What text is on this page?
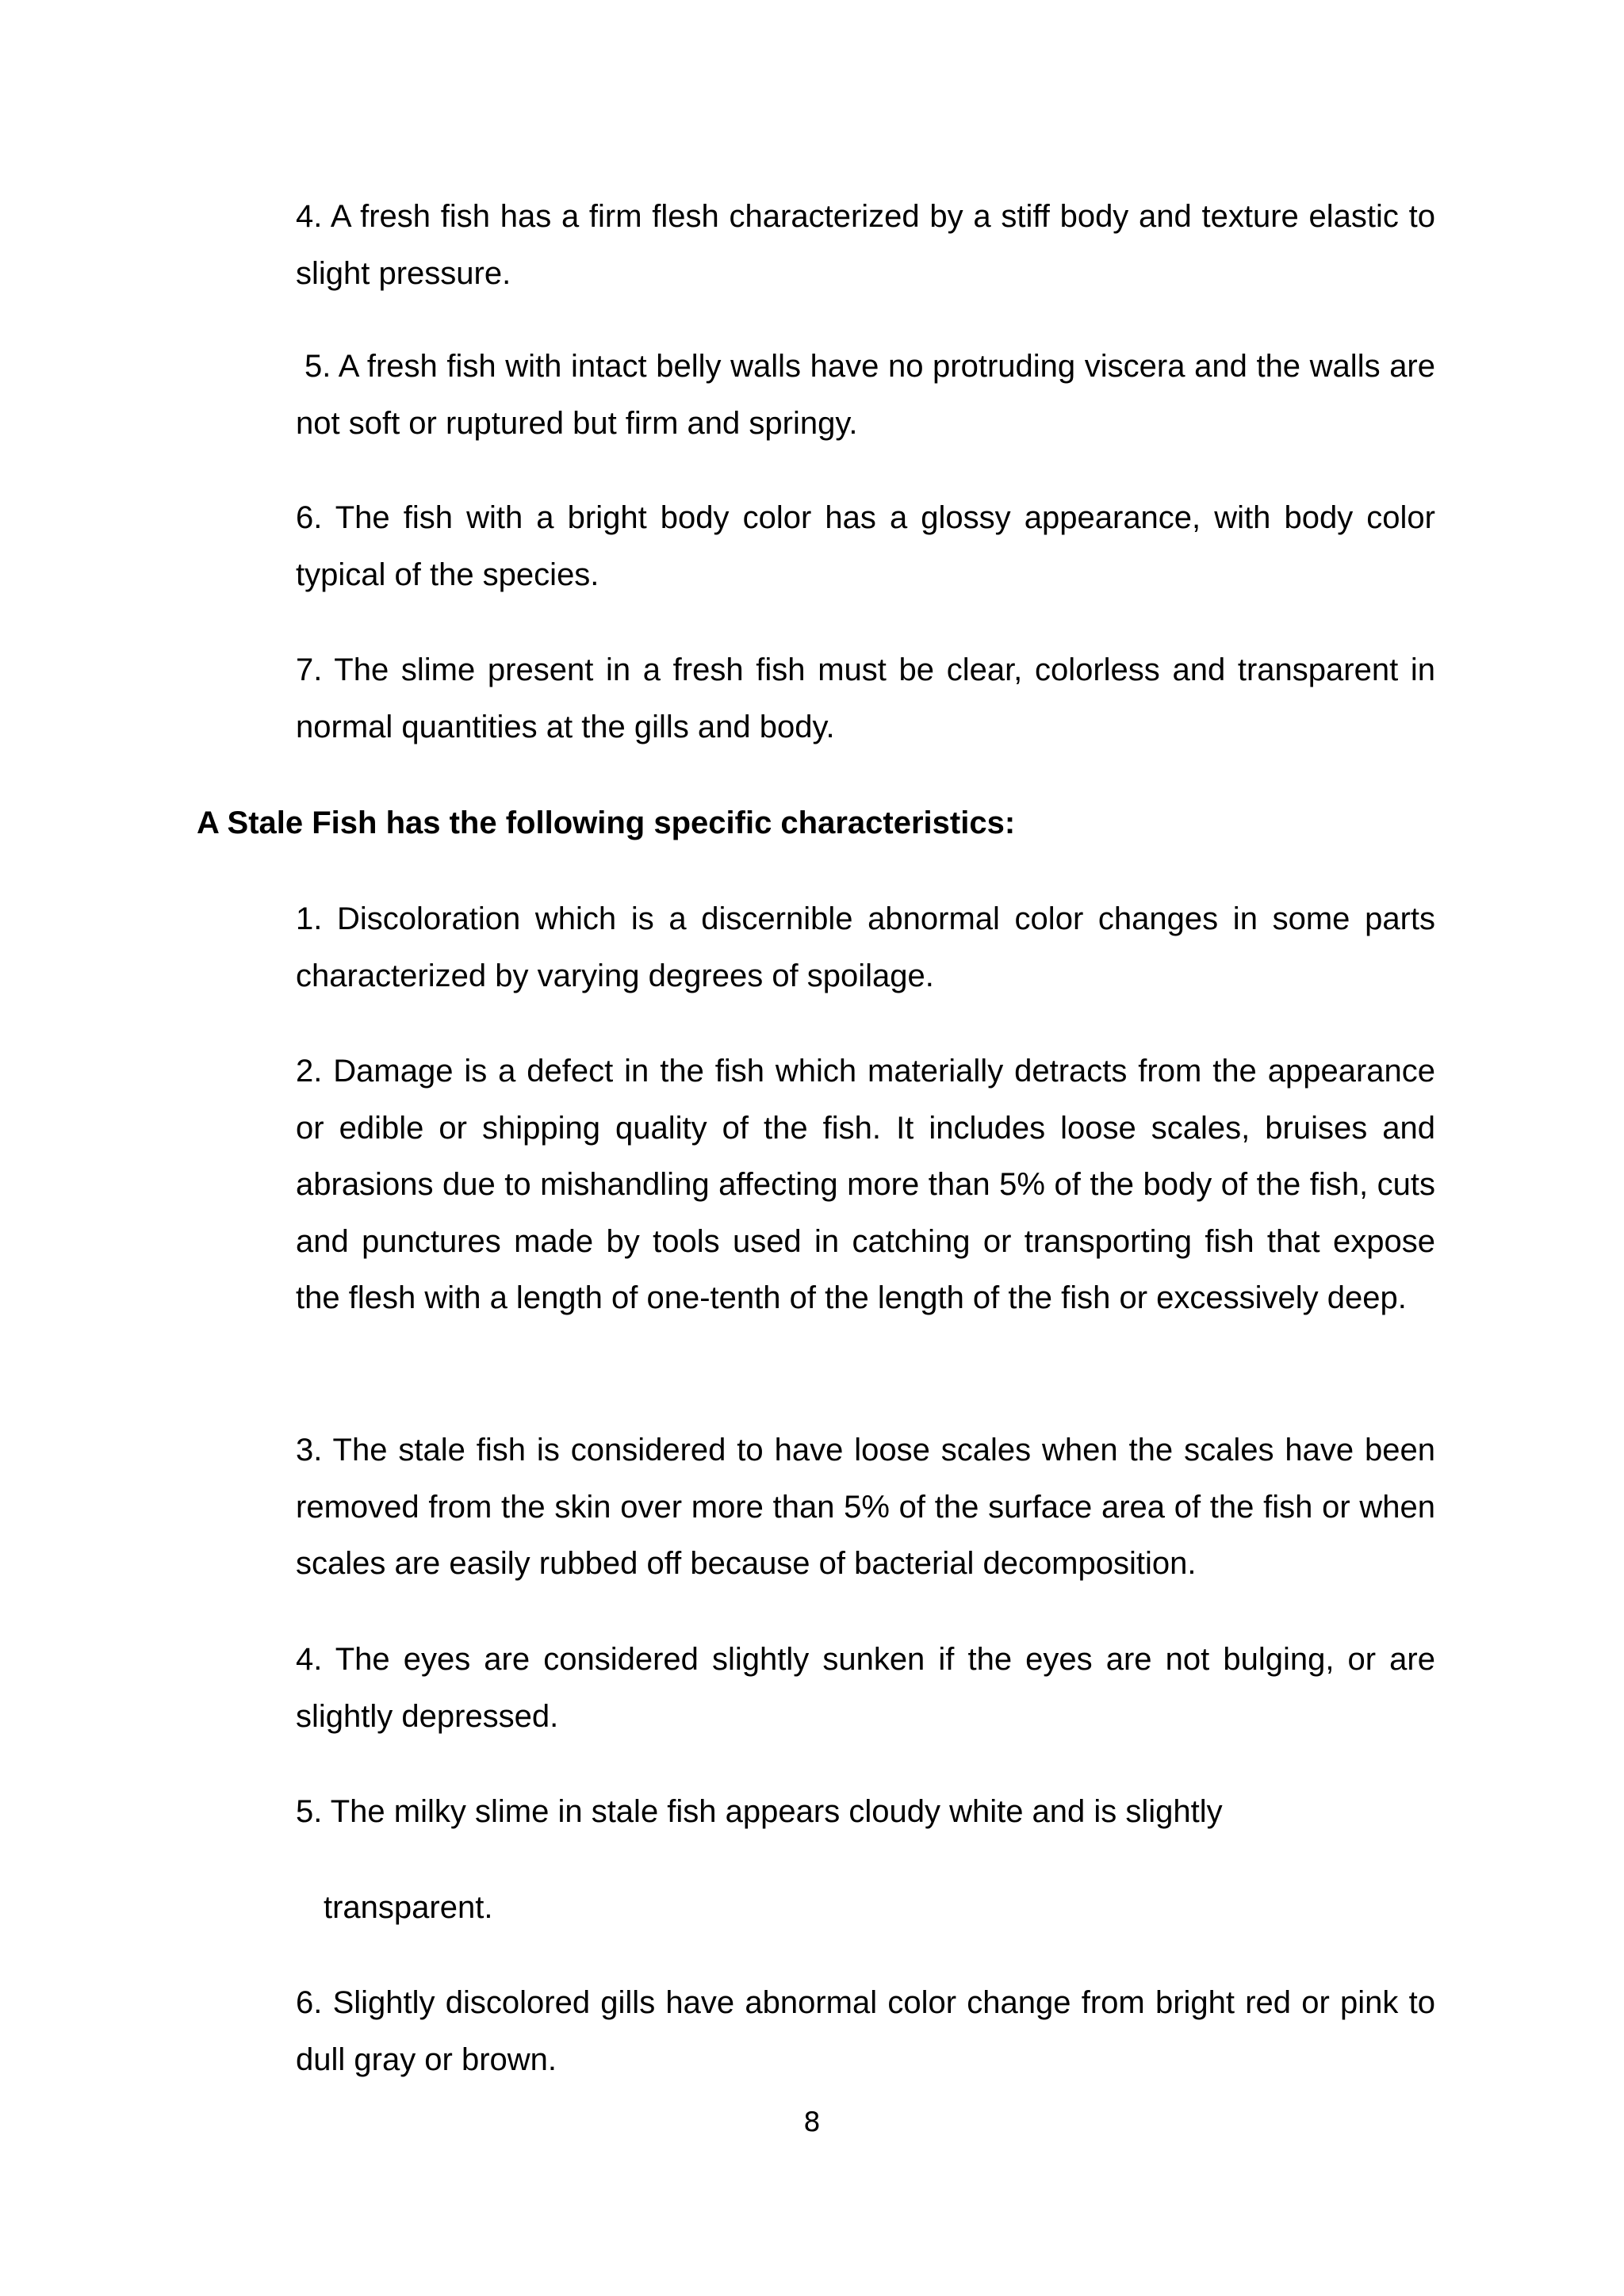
4. A fresh fish has a firm flesh characterized by a stiff body and texture elastic to slight pressure.

5. A fresh fish with intact belly walls have no protruding viscera and the walls are not soft or ruptured but firm and springy.

6. The fish with a bright body color has a glossy appearance, with body color typical of the species.

7. The slime present in a fresh fish must be clear, colorless and transparent in normal quantities at the gills and body.

A Stale Fish has the following specific characteristics:

1. Discoloration which is a discernible abnormal color changes in some parts characterized by varying degrees of spoilage.

2. Damage is a defect in the fish which materially detracts from the appearance or edible or shipping quality of the fish. It includes loose scales, bruises and abrasions due to mishandling affecting more than 5% of the body of the fish, cuts and punctures made by tools used in catching or transporting fish that expose the flesh with a length of one-tenth of the length of the fish or excessively deep.

3. The stale fish is considered to have loose scales when the scales have been removed from the skin over more than 5% of the surface area of the fish or when scales are easily rubbed off because of bacterial decomposition.

4. The eyes are considered slightly sunken if the eyes are not bulging, or are slightly depressed.

5. The milky slime in stale fish appears cloudy white and is slightly

transparent.

6. Slightly discolored gills have abnormal color change from bright red or pink to dull gray or brown.

8
